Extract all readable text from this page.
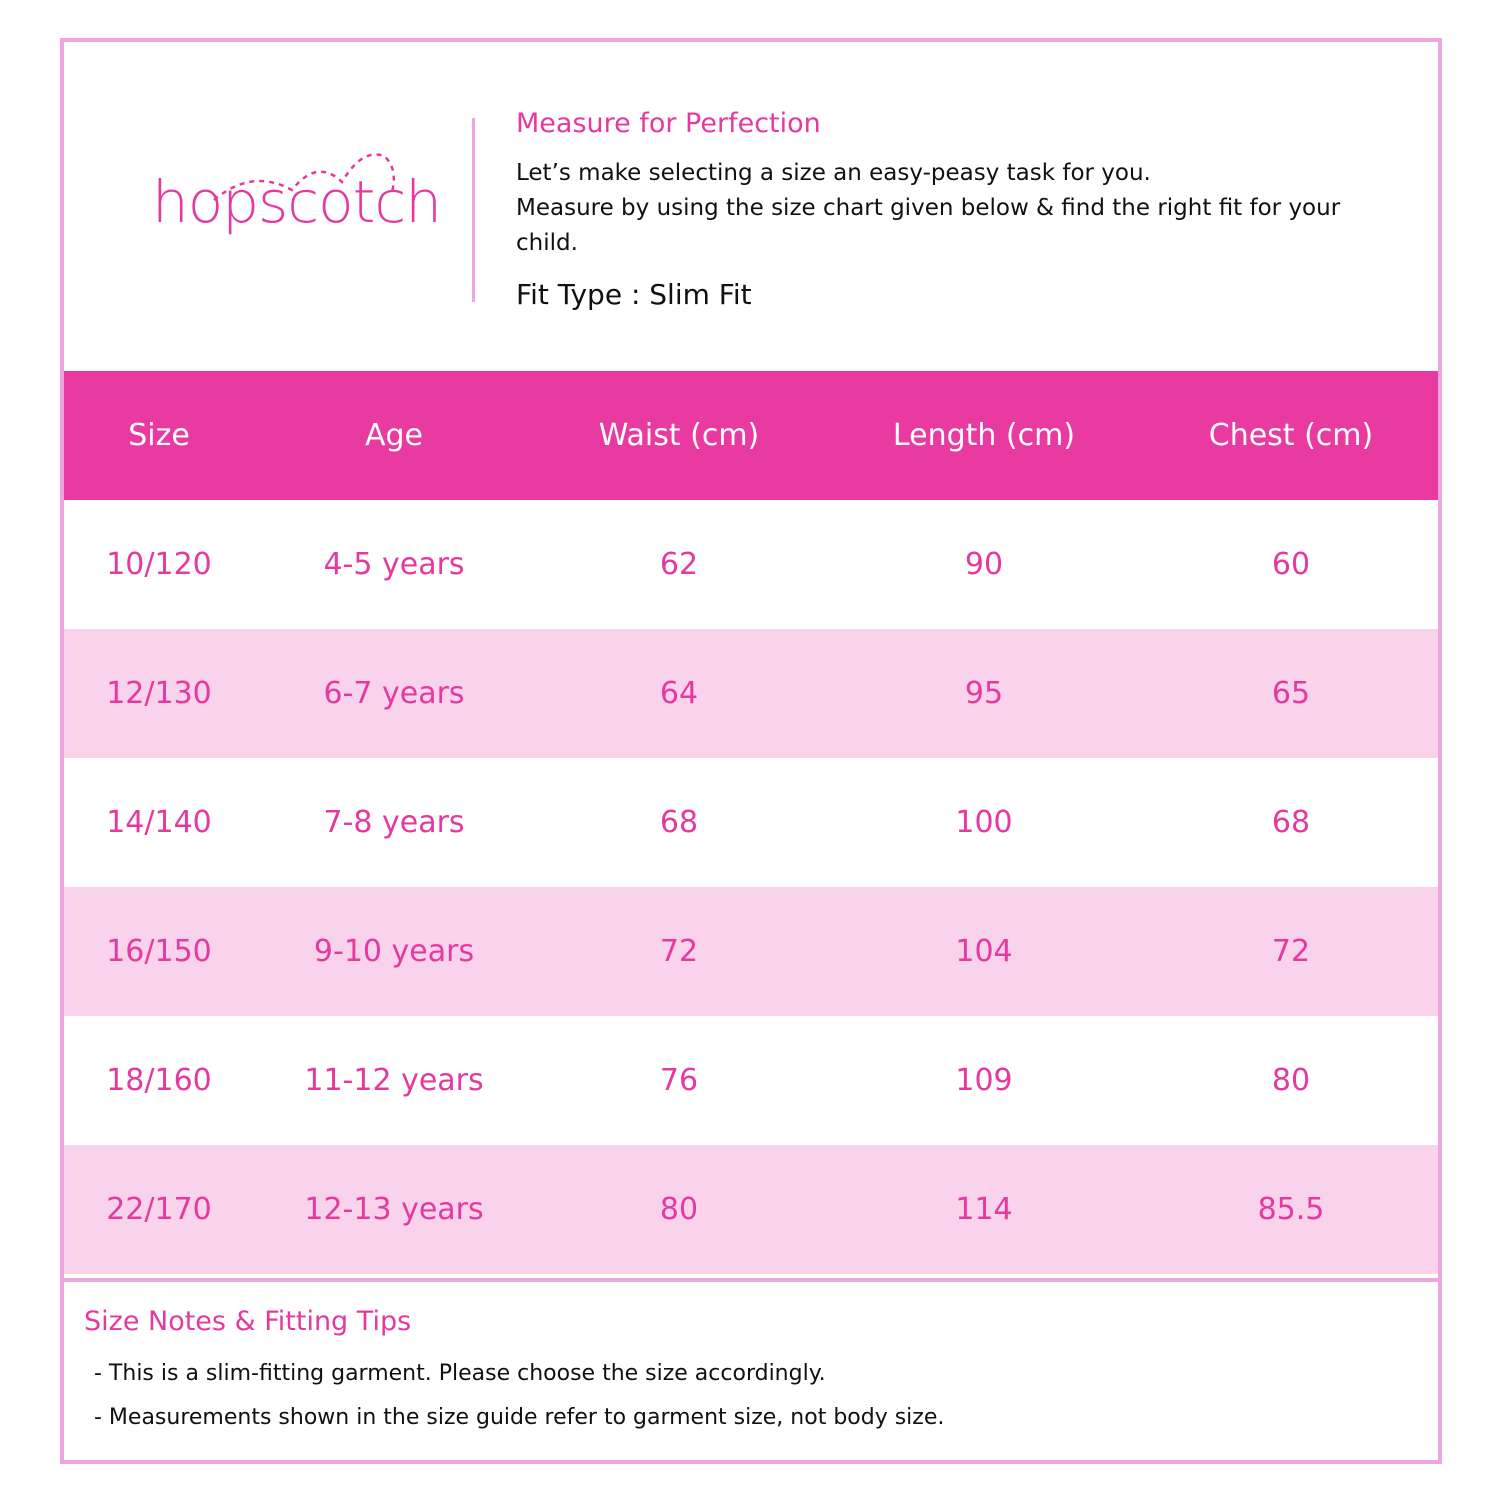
hopscotch
Measure for Perfection
Let’s make selecting a size an easy-peasy task for you.
Measure by using the size chart given below & find the right fit for your
child.
Fit Type : Slim Fit
Size	Age	Waist (cm)	Length (cm)	Chest (cm)
10/120	4-5 years	62	90	60
12/130	6-7 years	64	95	65
14/140	7-8 years	68	100	68
16/150	9-10 years	72	104	72
18/160	11-12 years	76	109	80
22/170	12-13 years	80	114	85.5
Size Notes & Fitting Tips
- This is a slim-fitting garment. Please choose the size accordingly.
- Measurements shown in the size guide refer to garment size, not body size.
